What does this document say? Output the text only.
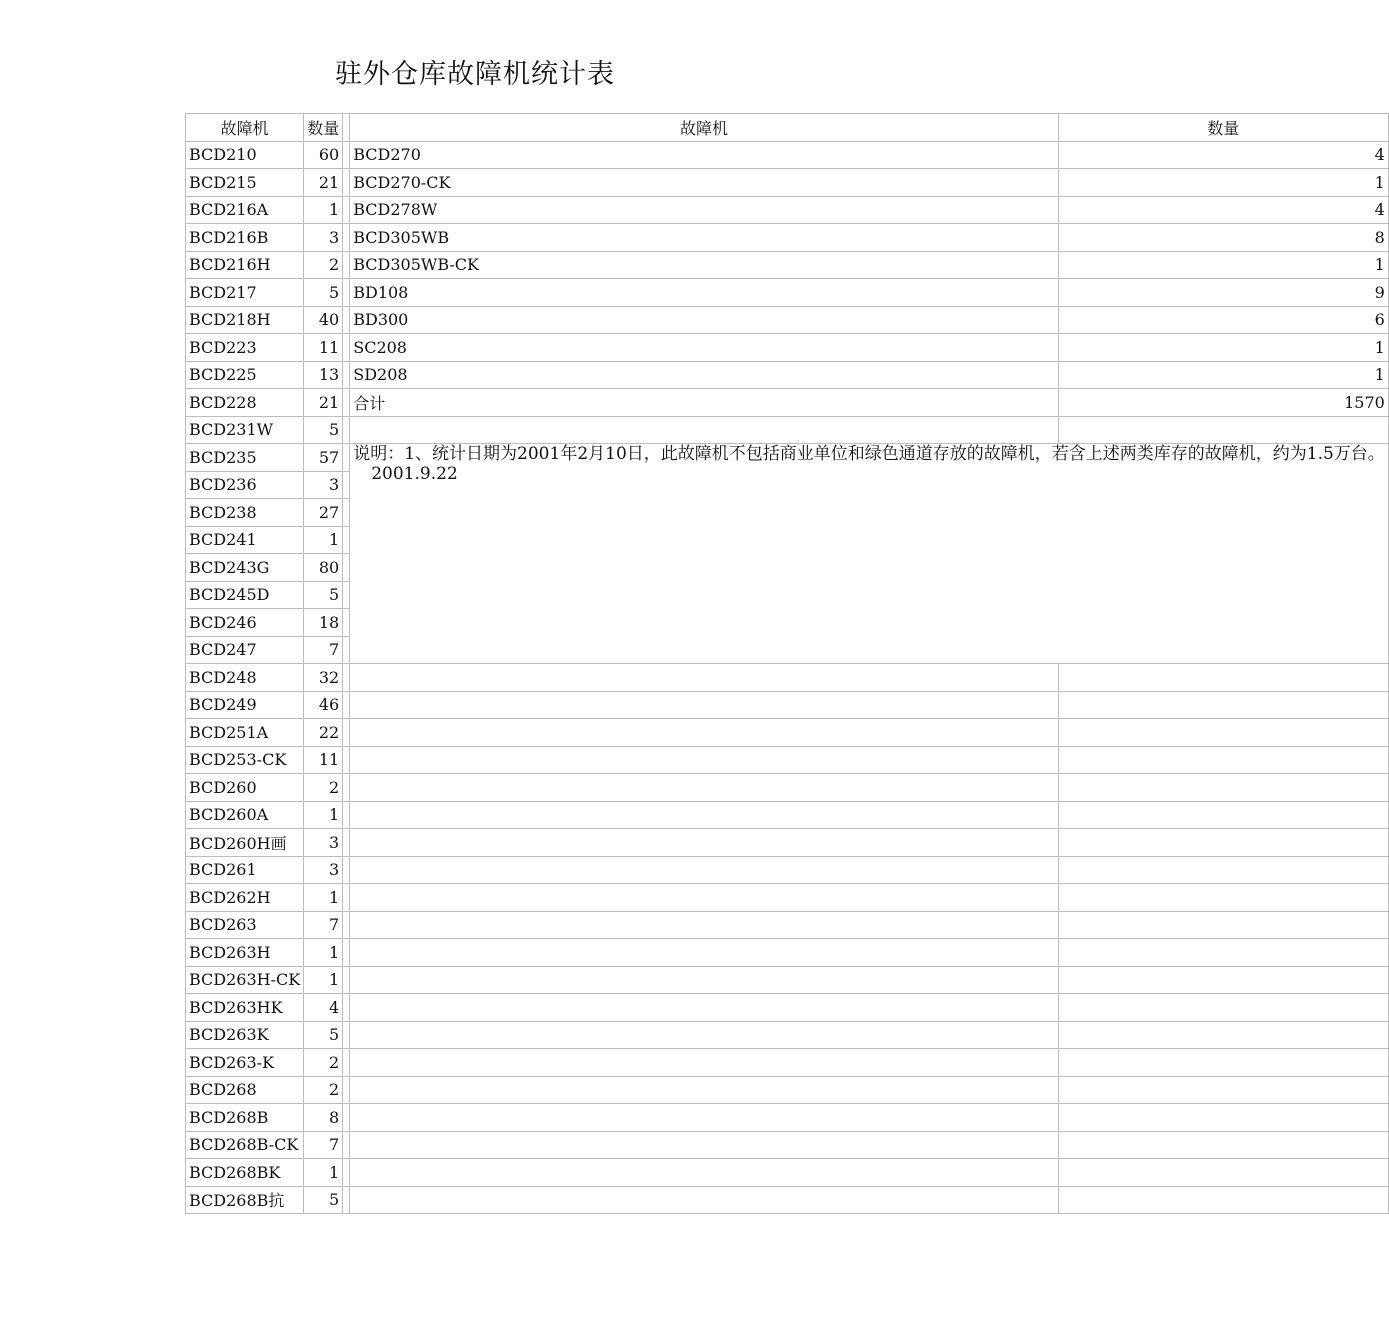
驻外仓库故障机统计表
故障机	数量		故障机	数量
BCD210	60		BCD270	4
BCD215	21		BCD270-CK	1
BCD216A	1		BCD278W	4
BCD216B	3		BCD305WB	8
BCD216H	2		BCD305WB-CK	1
BCD217	5		BD108	9
BCD218H	40		BD300	6
BCD223	11		SC208	1
BCD225	13		SD208	1
BCD228	21		合计	1570
BCD231W	5			
BCD235	57		说明：1、统计日期为2001年2月10日，此故障机不包括商业单位和绿色通道存放的故障机，若含上述两类库存的故障机，约为1.5万台。
2001.9.22	

BCD236	3			
BCD238	27			
BCD241	1			
BCD243G	80			
BCD245D	5			
BCD246	18			
BCD247	7			
BCD248	32			
BCD249	46			
BCD251A	22			
BCD253-CK	11			
BCD260	2			
BCD260A	1			
BCD260H画	3			
BCD261	3			
BCD262H	1			
BCD263	7			
BCD263H	1			
BCD263H-CK	1			
BCD263HK	4			
BCD263K	5			
BCD263-K	2			
BCD268	2			
BCD268B	8			
BCD268B-CK	7			
BCD268BK	1			
BCD268B抗	5			
